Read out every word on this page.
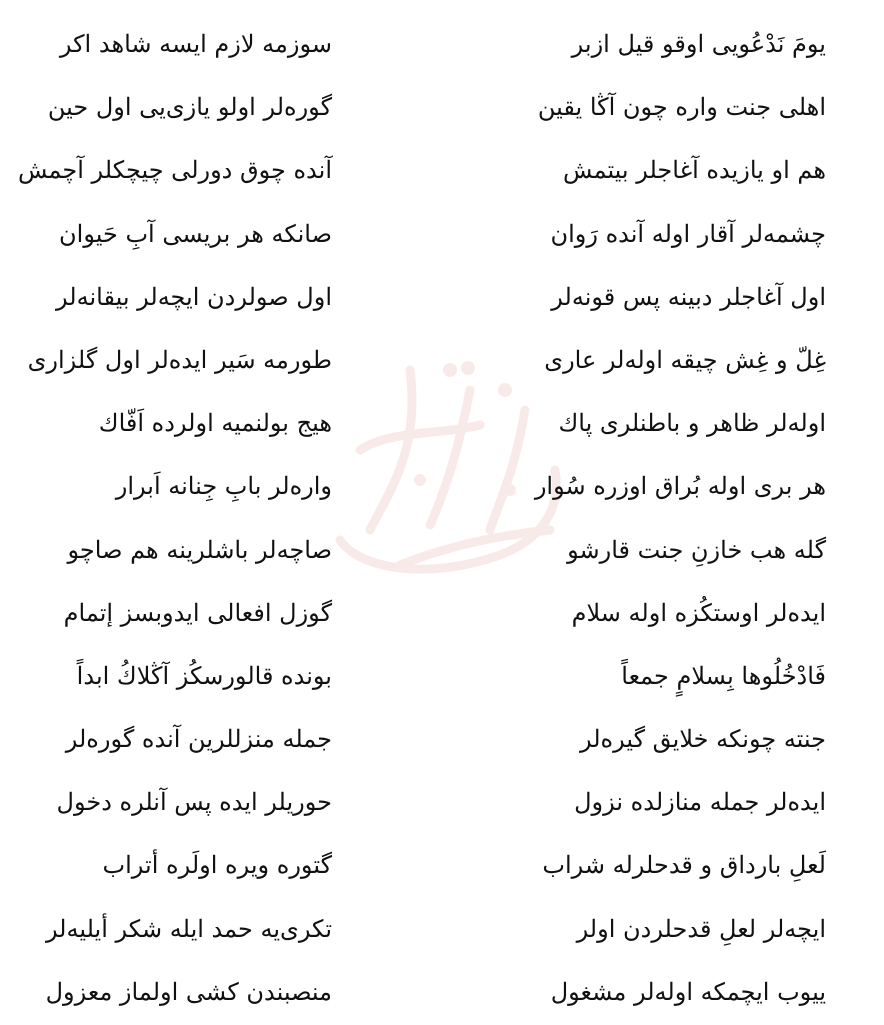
يومَ نَدْعُويى اوقو قيل ازبر
سوزمه لازم ايسه شاهد اكر
اهلى جنت واره چون آڭا يقين
گوره‌لر اولو يازى‌يى اول حين
هم او يازيده آغاجلر بيتمش
آنده چوق دورلى چيچكلر آچمش
چشمه‌لر آقار اوله آنده رَوان
صانكه هر بريسى آبِ حَيوان
اول آغاجلر دبينه پس قونه‌لر
اول صولردن ايچه‌لر بيقانه‌لر
غِلّ و غِش چيقه اوله‌لر عارى
طورمه سَير ايده‌لر اول گلزارى
اوله‌لر ظاهر و باطنلرى پاك
هيج بولنميه اولرده اَفّاك
هر برى اوله بُراق اوزره سُوار
واره‌لر بابِ جِنانه اَبرار
گله هب خازنِ جنت قارشو
صاچه‌لر باشلرينه هم صاچو
ايده‌لر اوستكُزه اوله سلام
گوزل افعالى ايدوبسز إتمام
فَادْخُلُوها بِسلامٍ جمعاً
بونده قالورسكُز آڭلاكُ ابداً
جنته چونكه خلايق گيره‌لر
جمله منزللرين آنده گوره‌لر
ايده‌لر جمله منازلده نزول
حوريلر ايده پس آنلره دخول
لَعلِ بارداق و قدحلرله شراب
گتوره ويره اولَره أتراب
ايچه‌لر لعلِ قدحلردن اولر
تكرى‌يه حمد ايله شكر أيليه‌لر
ييوب ايچمكه اوله‌لر مشغول
منصبندن كشى اولماز معزول
